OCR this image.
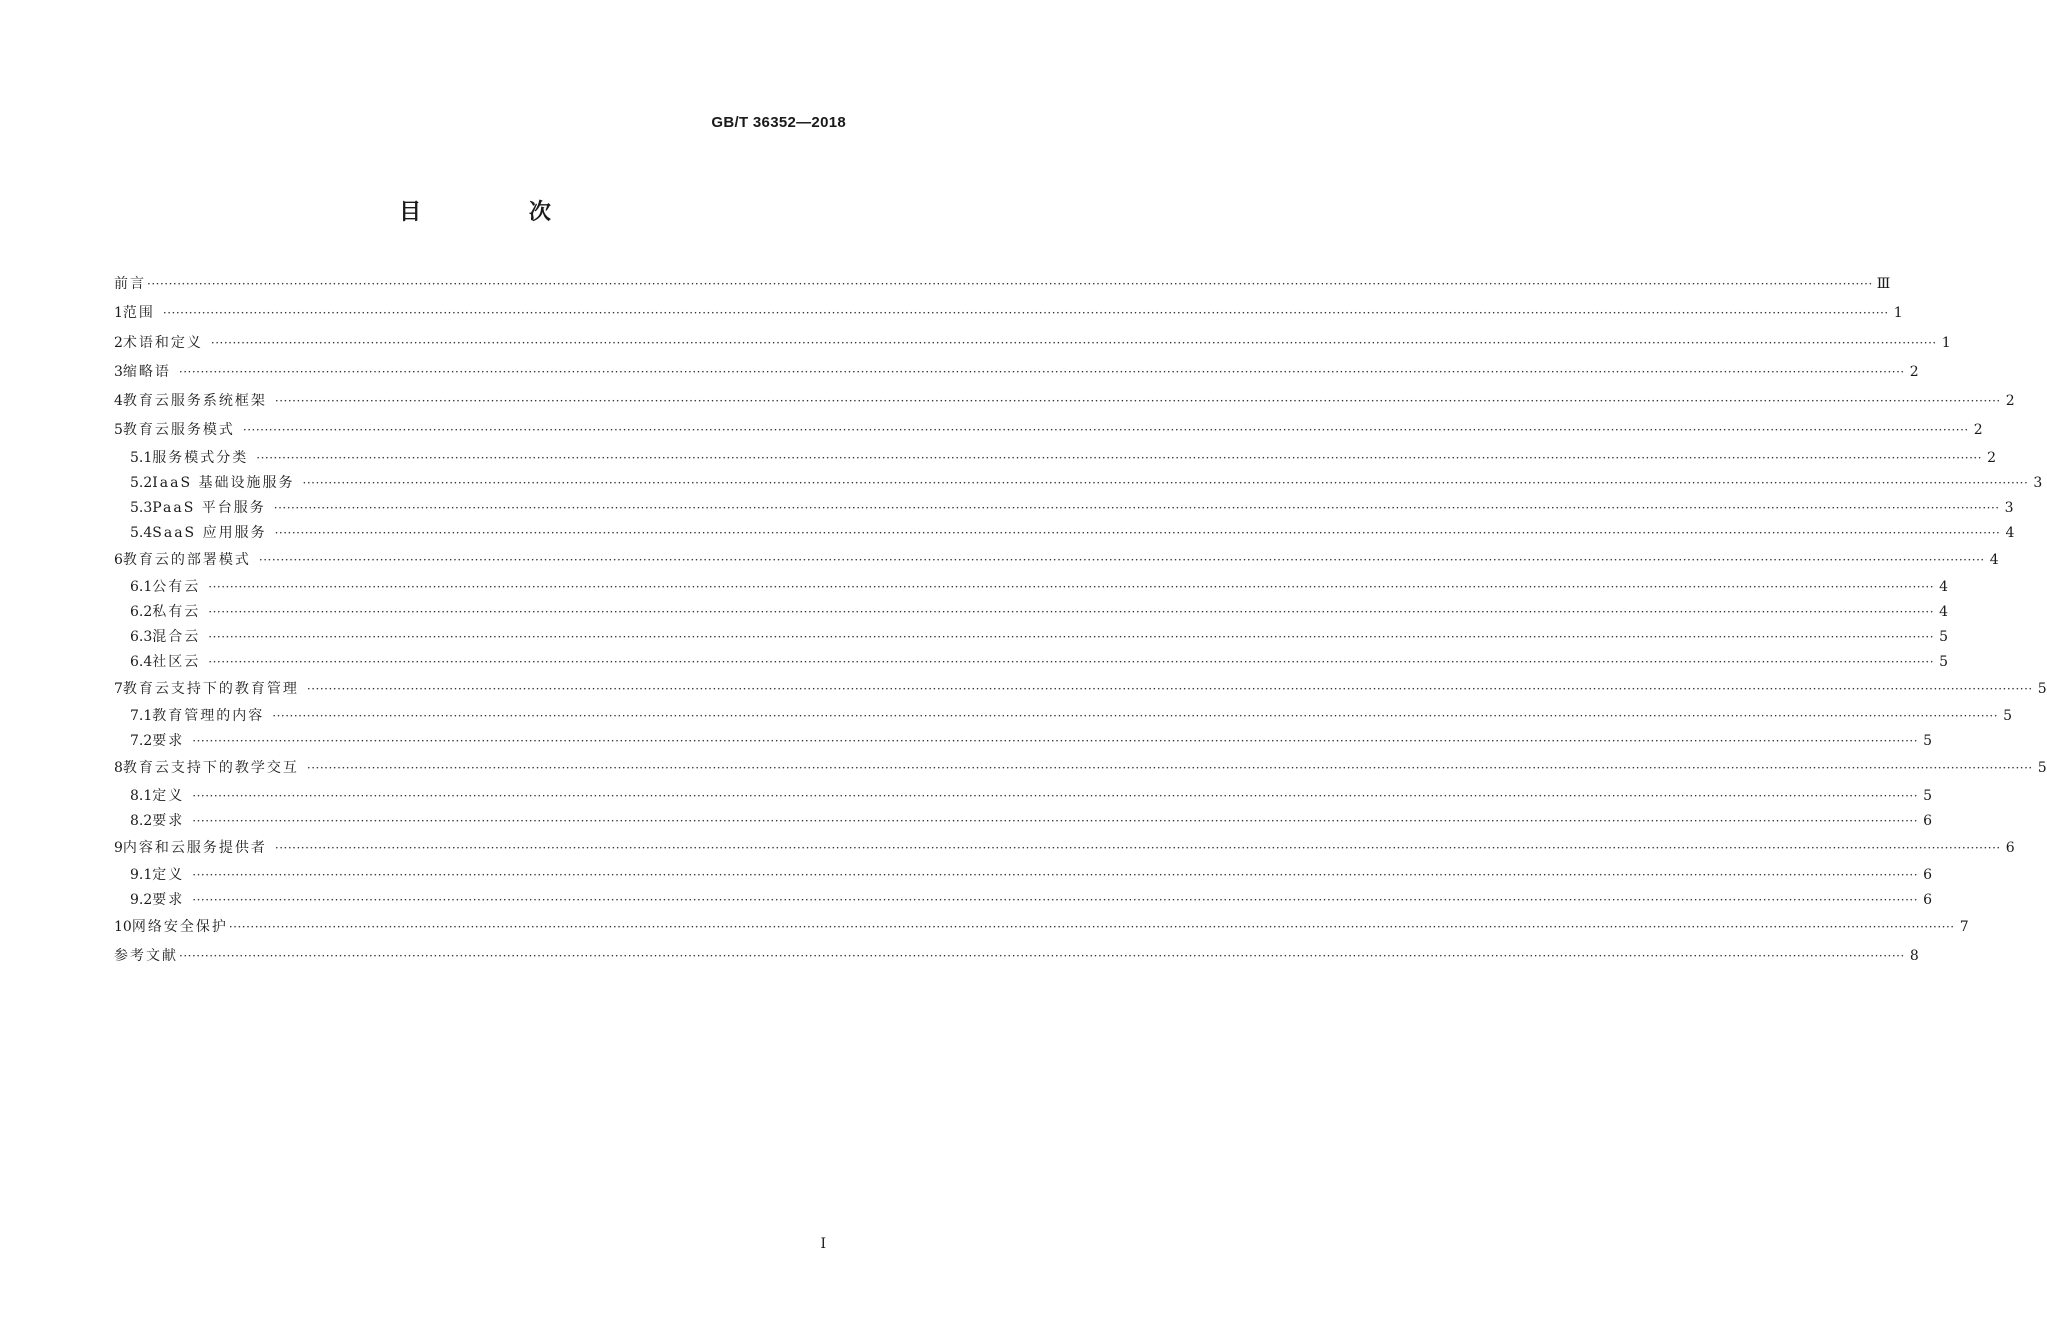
GB/T 36352—2018
目 次
前言 ················································································································································································································································································································································································································ Ⅲ
1 范围 ················································································································································································································································································································································································································ 1
2 术语和定义 ················································································································································································································································································································································································································ 1
3 缩略语 ················································································································································································································································································································································································································ 2
4 教育云服务系统框架 ················································································································································································································································································································································································································ 2
5 教育云服务模式 ················································································································································································································································································································································································································ 2
5.1 服务模式分类 ················································································································································································································································································································································································································ 2
5.2 IaaS 基础设施服务 ················································································································································································································································································································································································································ 3
5.3 PaaS 平台服务 ················································································································································································································································································································································································································ 3
5.4 SaaS 应用服务 ················································································································································································································································································································································································································ 4
6 教育云的部署模式 ················································································································································································································································································································································································································ 4
6.1 公有云 ················································································································································································································································································································································································································ 4
6.2 私有云 ················································································································································································································································································································································································································ 4
6.3 混合云 ················································································································································································································································································································································································································ 5
6.4 社区云 ················································································································································································································································································································································································································ 5
7 教育云支持下的教育管理 ················································································································································································································································································································································································································ 5
7.1 教育管理的内容 ················································································································································································································································································································································································································ 5
7.2 要求 ················································································································································································································································································································································································································ 5
8 教育云支持下的教学交互 ················································································································································································································································································································································································································ 5
8.1 定义 ················································································································································································································································································································································································································ 5
8.2 要求 ················································································································································································································································································································································································································ 6
9 内容和云服务提供者 ················································································································································································································································································································································································································ 6
9.1 定义 ················································································································································································································································································································································································································ 6
9.2 要求 ················································································································································································································································································································································································································ 6
10 网络安全保护 ················································································································································································································································································································································································································ 7
参考文献 ················································································································································································································································································································································································································ 8
I
